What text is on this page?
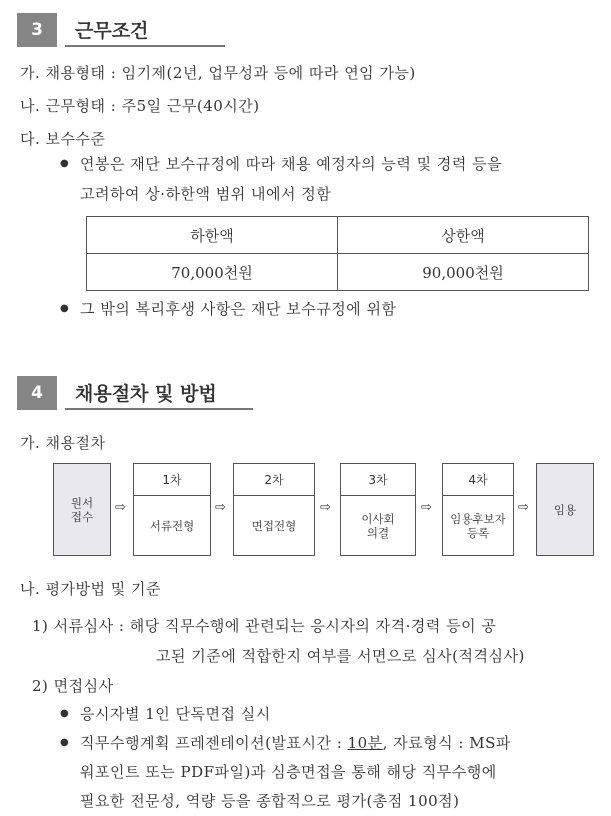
3	근무조건
가. 채용형태 : 임기제(2년, 업무성과 등에 따라 연임 가능)
나. 근무형태 : 주5일 근무(40시간)
다. 보수수준
● 연봉은 재단 보수규정에 따라 채용 예정자의 능력 및 경력 등을
고려하여 상·하한액 범위 내에서 정함
하한액	상한액
70,000천원	90,000천원
● 그 밖의 복리후생 사항은 재단 보수규정에 위함
4	채용절차 및 방법
가. 채용절차
원서
접수
⇨
1차
서류전형
⇨
2차
면접전형
⇨
3차
이사회
의결
⇨
4차
임용후보자
등록
⇨ 임용
나. 평가방법 및 기준
1) 서류심사 : 해당 직무수행에 관련되는 응시자의 자격·경력 등이 공
고된 기준에 적합한지 여부를 서면으로 심사(적격심사)
2) 면접심사
● 응시자별 1인 단독면접 실시
● 직무수행계획 프레젠테이션(발표시간 : 10분, 자료형식 : MS파
워포인트 또는 PDF파일)과 심층면접을 통해 해당 직무수행에
필요한 전문성, 역량 등을 종합적으로 평가(총점 100점)
